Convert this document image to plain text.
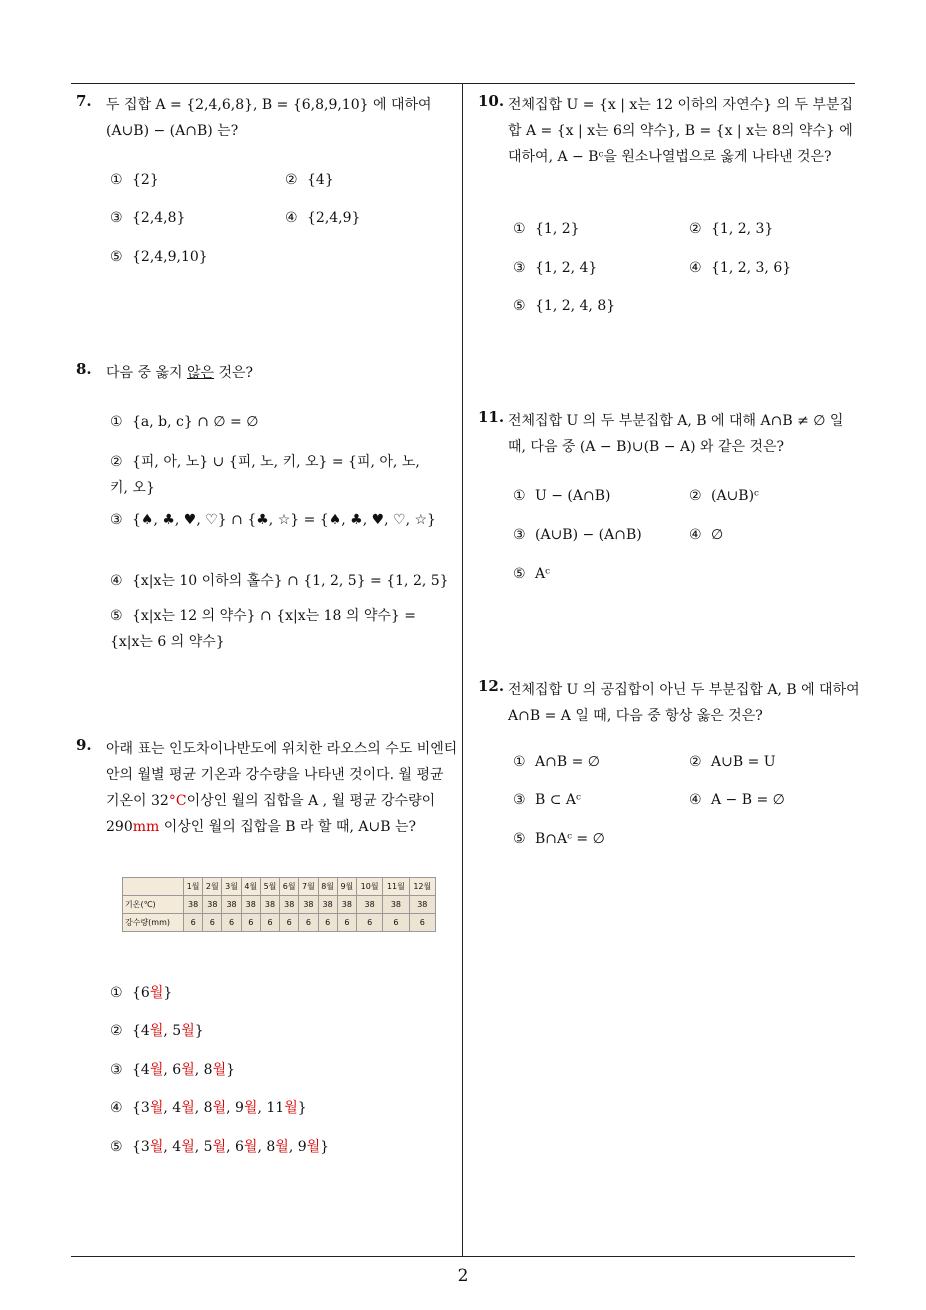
7. 두 집합 A = {2,4,6,8}, B = {6,8,9,10} 에 대하여 (A∪B) − (A∩B) 는?
① {2}	② {4}
③ {2,4,8}	④ {2,4,9}
⑤ {2,4,9,10}
8. 다음 중 옳지 않은 것은?
① {a, b, c} ∩ ∅ = ∅
② {피, 아, 노} ∪ {피, 노, 키, 오} = {피, 아, 노, 키, 오}
③ {♠, ♣, ♥, ♡} ∩ {♣, ☆} = {♠, ♣, ♥, ♡, ☆}
④ {x|x는 10 이하의 홀수} ∩ {1, 2, 5} = {1, 2, 5}
⑤ {x|x는 12 의 약수} ∩ {x|x는 18 의 약수} = {x|x는 6 의 약수}
9. 아래 표는 인도차이나반도에 위치한 라오스의 수도 비엔티안의 월별 평균 기온과 강수량을 나타낸 것이다. 월 평균 기온이 32°C이상인 월의 집합을 A , 월 평균 강수량이 290mm 이상인 월의 집합을 B 라 할 때, A∪B 는?
	1월	2월	3월	4월	5월	6월	7월	8월	9월	10월	11월	12월
기온(℃)	38	38	38	38	38	38	38	38	38	38	38	38
강수량(mm)	6	6	6	6	6	6	6	6	6	6	6	6
① {6월}
② {4월, 5월}
③ {4월, 6월, 8월}
④ {3월, 4월, 8월, 9월, 11월}
⑤ {3월, 4월, 5월, 6월, 8월, 9월}
10. 전체집합 U = {x | x는 12 이하의 자연수} 의 두 부분집합 A = {x | x는 6의 약수}, B = {x | x는 8의 약수} 에 대하여, A − Bᶜ을 원소나열법으로 옳게 나타낸 것은?
① {1, 2}	② {1, 2, 3}
③ {1, 2, 4}	④ {1, 2, 3, 6}
⑤ {1, 2, 4, 8}
11. 전체집합 U 의 두 부분집합 A, B 에 대해 A∩B ≠ ∅ 일 때, 다음 중 (A − B)∪(B − A) 와 같은 것은?
① U − (A∩B)	② (A∪B)ᶜ
③ (A∪B) − (A∩B)	④ ∅
⑤ Aᶜ
12. 전체집합 U 의 공집합이 아닌 두 부분집합 A, B 에 대하여 A∩B = A 일 때, 다음 중 항상 옳은 것은?
① A∩B = ∅	② A∪B = U
③ B ⊂ Aᶜ	④ A − B = ∅
⑤ B∩Aᶜ = ∅
2
